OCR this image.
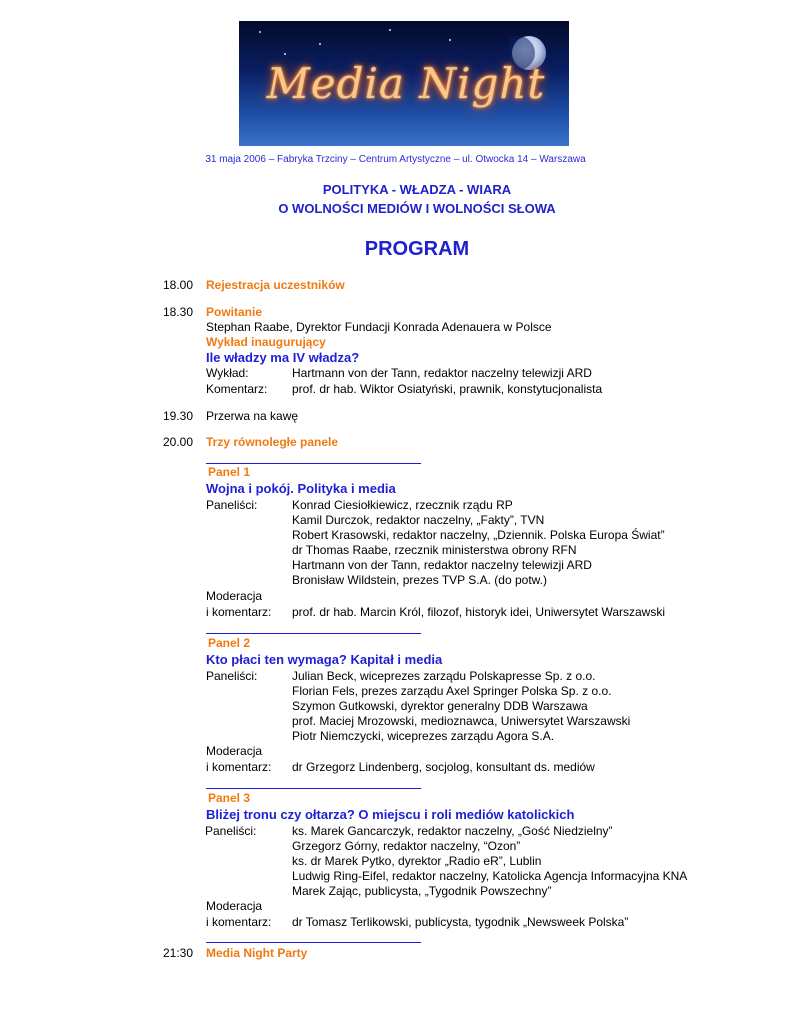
Media Night
31 maja 2006 – Fabryka Trzciny – Centrum Artystyczne – ul. Otwocka 14 – Warszawa
POLITYKA - WŁADZA - WIARA
O WOLNOŚCI MEDIÓW I WOLNOŚCI SŁOWA
PROGRAM
18.00 Rejestracja uczestników
18.30 Powitanie
Stephan Raabe, Dyrektor Fundacji Konrada Adenauera w Polsce
Wykład inaugurujący
Ile władzy ma IV władza?
Wykład:	Hartmann von der Tann, redaktor naczelny telewizji ARD
Komentarz: prof. dr hab. Wiktor Osiatyński, prawnik, konstytucjonalista
19.30 Przerwa na kawę
20.00 Trzy równoległe panele
Panel 1
Wojna i pokój. Polityka i media
Paneliści:	Konrad Ciesiołkiewicz, rzecznik rządu RP
Kamil Durczok, redaktor naczelny, „Fakty”, TVN
Robert Krasowski, redaktor naczelny, „Dziennik. Polska Europa Świat”
dr Thomas Raabe, rzecznik ministerstwa obrony RFN
Hartmann von der Tann, redaktor naczelny telewizji ARD
Bronisław Wildstein, prezes TVP S.A. (do potw.)
Moderacja
i komentarz: prof. dr hab. Marcin Król, filozof, historyk idei, Uniwersytet Warszawski
Panel 2
Kto płaci ten wymaga? Kapitał i media
Paneliści:	Julian Beck, wiceprezes zarządu Polskapresse Sp. z o.o.
Florian Fels, prezes zarządu Axel Springer Polska Sp. z o.o.
Szymon Gutkowski, dyrektor generalny DDB Warszawa
prof. Maciej Mrozowski, medioznawca, Uniwersytet Warszawski
Piotr Niemczycki, wiceprezes zarządu Agora S.A.
Moderacja
i komentarz: dr Grzegorz Lindenberg, socjolog, konsultant ds. mediów
Panel 3
Bliżej tronu czy ołtarza? O miejscu i roli mediów katolickich
Paneliści:	ks. Marek Gancarczyk, redaktor naczelny, „Gość Niedzielny”
Grzegorz Górny, redaktor naczelny, “Ozon”
ks. dr Marek Pytko, dyrektor „Radio eR”, Lublin
Ludwig Ring-Eifel, redaktor naczelny, Katolicka Agencja Informacyjna KNA
Marek Zając, publicysta, „Tygodnik Powszechny”
Moderacja
i komentarz: dr Tomasz Terlikowski, publicysta, tygodnik „Newsweek Polska”
21:30 Media Night Party
